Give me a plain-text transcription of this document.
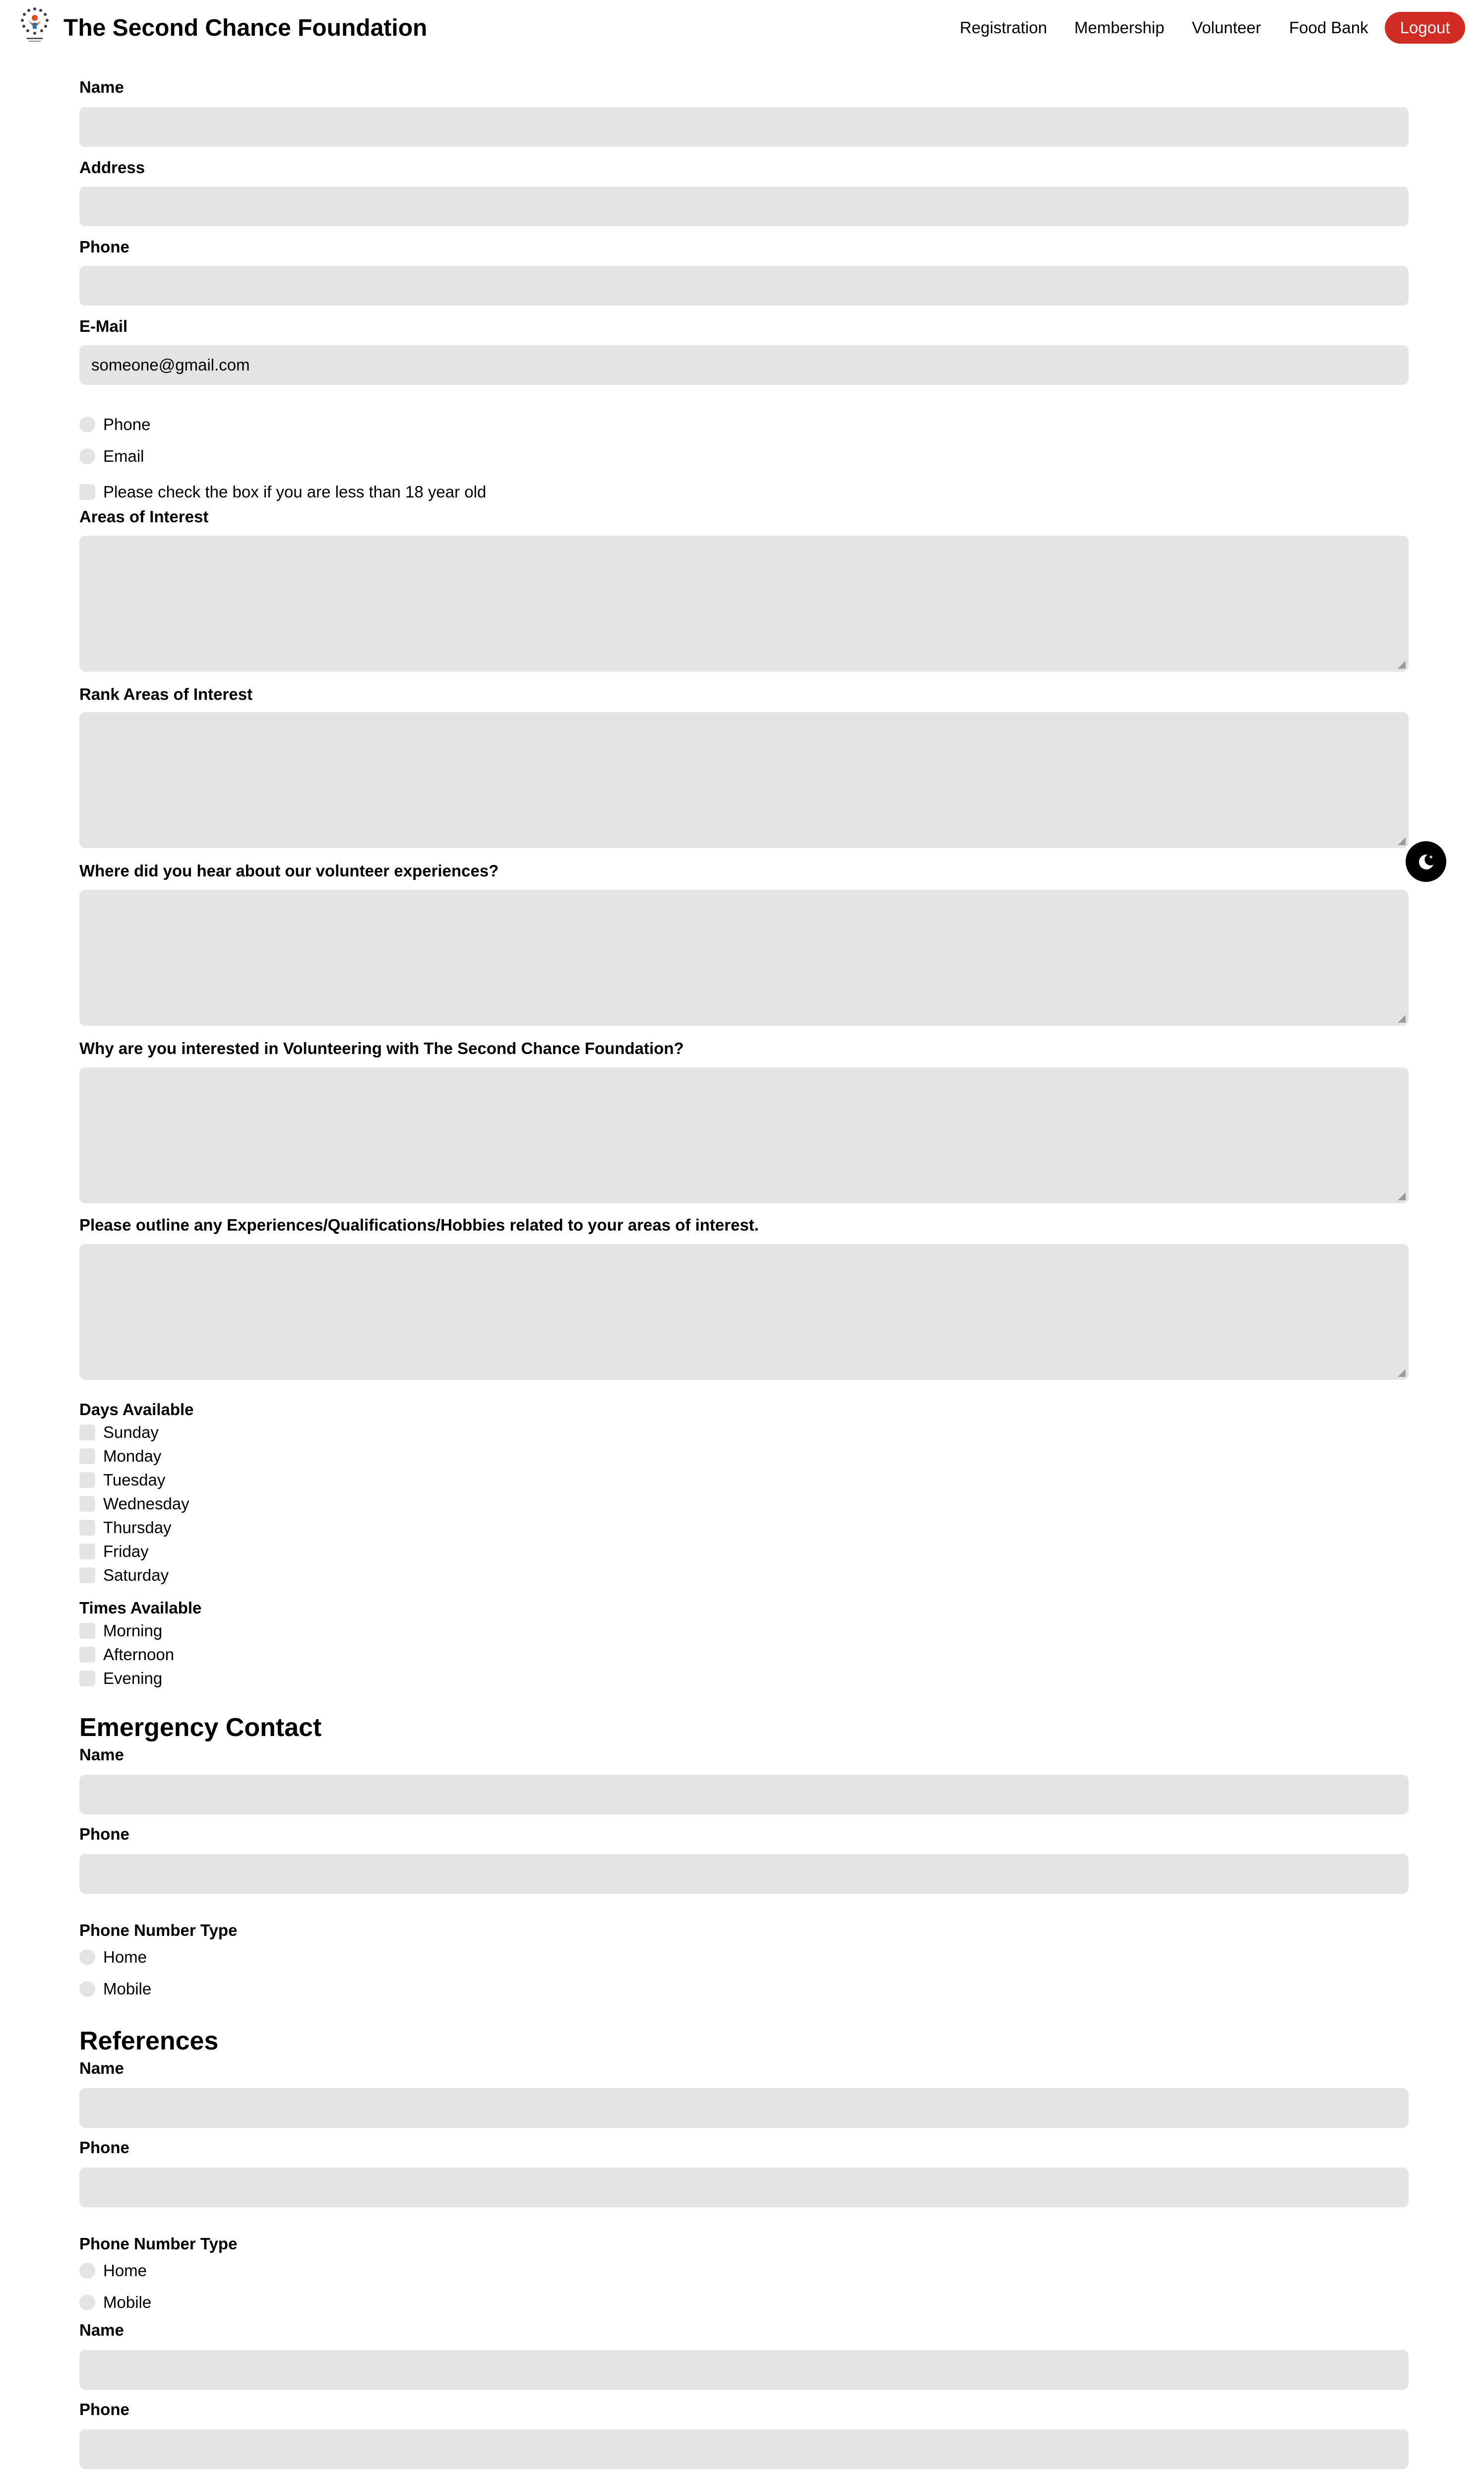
The Second Chance Foundation	Registration Membership Volunteer Food Bank	Logout
Name
Address
Phone
E-Mail
someone@gmail.com
Phone
Email
Please check the box if you are less than 18 year old
Areas of Interest
Rank Areas of Interest
Where did you hear about our volunteer experiences?
Why are you interested in Volunteering with The Second Chance Foundation?
Please outline any Experiences/Qualifications/Hobbies related to your areas of interest.
Days Available
Sunday
Monday
Tuesday
Wednesday
Thursday
Friday
Saturday
Times Available
Morning
Afternoon
Evening
Emergency Contact
Name
Phone
Phone Number Type
Home
Mobile
References
Name
Phone
Phone Number Type
Home
Mobile
Name
Phone
